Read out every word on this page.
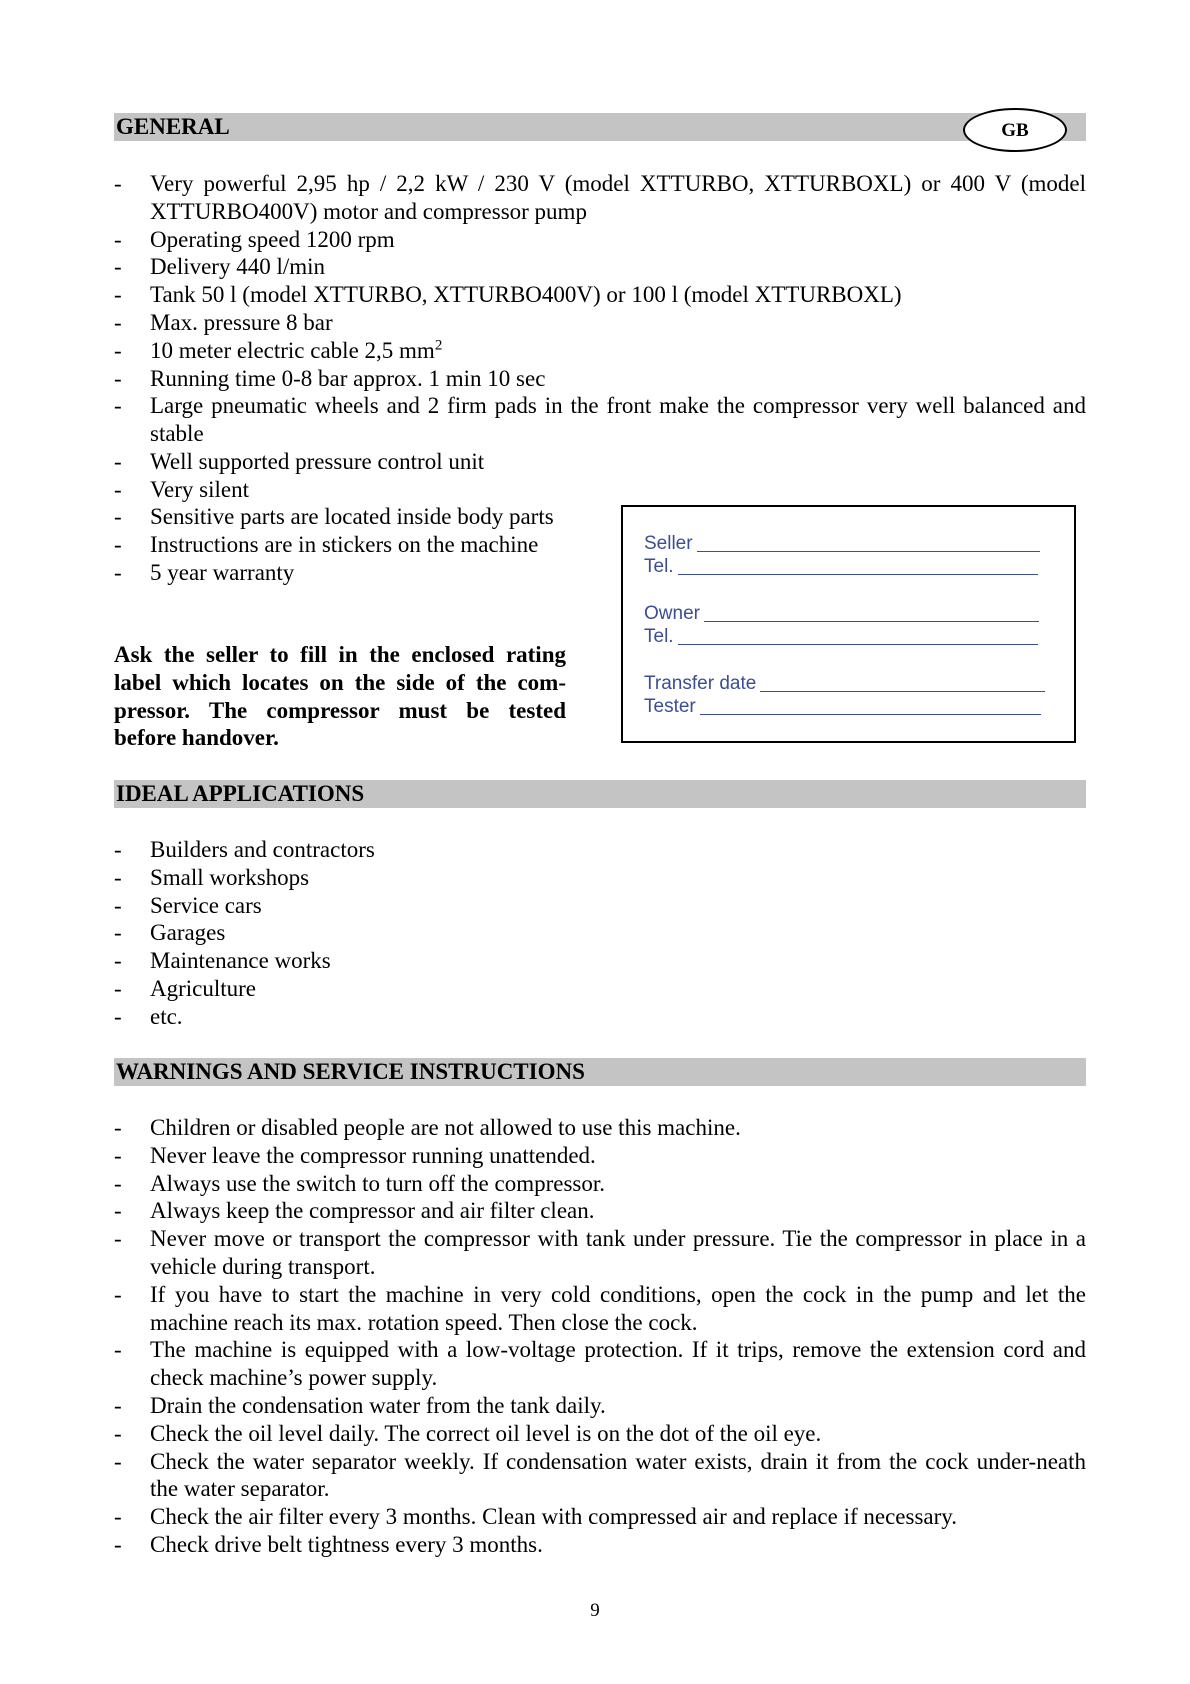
GENERAL	GB
- Very powerful 2,95 hp / 2,2 kW / 230 V (model XTTURBO, XTTURBOXL) or 400 V (model XTTURBO400V) motor and compressor pump
- Operating speed 1200 rpm
- Delivery 440 l/min
- Tank 50 l (model XTTURBO, XTTURBO400V) or 100 l (model XTTURBOXL)
- Max. pressure 8 bar
- 10 meter electric cable 2,5 $mm^2$
- Running time 0-8 bar approx. 1 min 10 sec
- Large pneumatic wheels and 2 firm pads in the front make the compressor very well balanced and stable
- Well supported pressure control unit
- Very silent
- Sensitive parts are located inside body parts
- Instructions are in stickers on the machine
- 5 year warranty

Ask the seller to fill in the enclosed rating label which locates on the side of the com-pressor. The compressor must be tested before handover.

Seller
Tel.
Owner
Tel.
Transfer date
Tester
IDEAL APPLICATIONS
- Builders and contractors
- Small workshops
- Service cars
- Garages
- Maintenance works
- Agriculture
- etc.
WARNINGS AND SERVICE INSTRUCTIONS
- Children or disabled people are not allowed to use this machine.
- Never leave the compressor running unattended.
- Always use the switch to turn off the compressor.
- Always keep the compressor and air filter clean.
- Never move or transport the compressor with tank under pressure. Tie the compressor in place in a vehicle during transport.
- If you have to start the machine in very cold conditions, open the cock in the pump and let the machine reach its max. rotation speed. Then close the cock.
- The machine is equipped with a low-voltage protection. If it trips, remove the extension cord and check machine’s power supply.
- Drain the condensation water from the tank daily.
- Check the oil level daily. The correct oil level is on the dot of the oil eye.
- Check the water separator weekly. If condensation water exists, drain it from the cock under-neath the water separator.
- Check the air filter every 3 months. Clean with compressed air and replace if necessary.
- Check drive belt tightness every 3 months.
9
